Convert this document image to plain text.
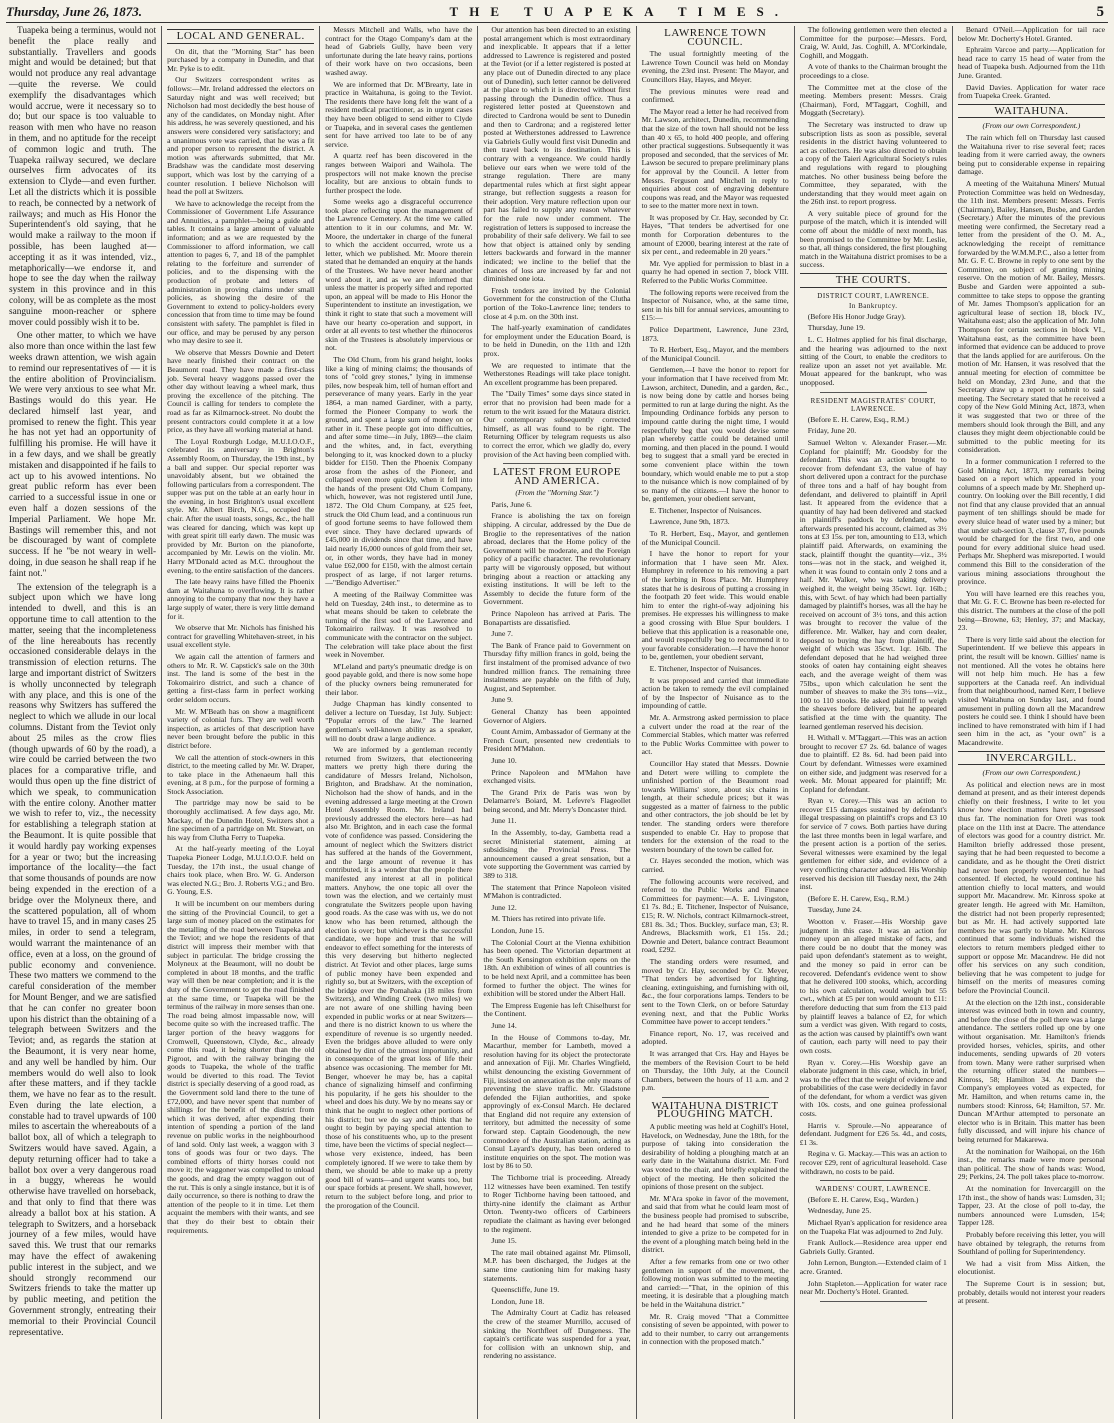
Thursday, June 26, 1873.	THE TUAPEKA TIMES.	5

Tuapeka being a terminus, would not benefit the place really and substantially. Travellers and goods might and would be detained; but that would not produce any real advantage—quite the reverse. We could exemplify the disadvantages which would accrue, were it necessary so to do; but our space is too valuable to reason with men who have no reason in them, and no aptitude for the receipt of common logic and truth. The Tuapeka railway secured, we declare ourselves firm advocates of its extension to Clyde—and even further. Let all the districts which it is possible to reach, be connected by a network of railways; and much as His Honor the Superintendent's old saying, that he would make a railway to the moon if possible, has been laughed at—accepting it as it was intended, viz., metaphorically—we endorse it, and hope to see the day when the railway system in this province and in this colony, will be as complete as the most sanguine moon-reacher or sphere mover could possibly wish it to be.

One other matter, to which we have also more than once within the last few weeks drawn attention, we wish again to remind our representatives of — it is the entire abolition of Provincialism. We were very anxious to see what Mr. Bastings would do this year. He declared himself last year, and promised to renew the fight. This year he has not yet had an opportunity of fulfilling his promise. He will have it in a few days, and we shall be greatly mistaken and disappointed if he fails to act up to his avowed intentions. No great public reform has ever been carried to a successful issue in one or even half a dozen sessions of the Imperial Parliament. We hope Mr. Bastings will remember this, and not be discouraged by want of complete success. If he "be not weary in well-doing, in due season he shall reap if he faint not."

The extension of the telegraph is a subject upon which we have long intended to dwell, and this is an opportune time to call attention to the matter, seeing that the incompleteness of the line hereabouts has recently occasioned considerable delays in the transmission of election returns. The large and important district of Switzers is wholly unconnected by telegraph with any place, and this is one of the reasons why Switzers has suffered the neglect to which we allude in our local columns. Distant from the Teviot only about 25 miles as the crow flies (though upwards of 60 by the road), a wire could be carried between the two places for a comparative trifle, and would thus open up the fine district of which we speak, to communication with the entire colony. Another matter we wish to refer to, viz., the necessity for establishing a telegraph station at the Beaumont. It is quite possible that it would hardly pay working expenses for a year or two; but the increasing importance of the locality—the fact that some thousands of pounds are now being expended in the erection of a bridge over the Molyneux there, and the scattered population, all of whom have to travel 15, and in many cases 25 miles, in order to send a telegram, would warrant the maintenance of an office, even at a loss, on the ground of public economy and convenience. These two matters we commend to the careful consideration of the member for Mount Benger, and we are satisfied that he can confer no greater boon upon his district than the obtaining of a telegraph between Switzers and the Teviot; and, as regards the station at the Beaumont, it is very near home, and any well be handled by him. Our members would do well also to look after these matters, and if they tackle them, we have no fear as to the result. Even during the late election, a constable had to travel upwards of 100 miles to ascertain the whereabouts of a ballot box, all of which a telegraph to Switzers would have saved. Again, a deputy returning officer had to take a ballot box over a very dangerous road in a buggy, whereas he would otherwise have travelled on horseback, and that only to find that there was already a ballot box at his station. A telegraph to Switzers, and a horseback journey of a few miles, would have saved this. We trust that our remarks may have the effect of awakening public interest in the subject, and we should strongly recommend our Switzers friends to take the matter up by public meeting, and petition the Government strongly, entreating their memorial to their Provincial Council representative.

LOCAL AND GENERAL.

On dit, that the "Morning Star" has been purchased by a company in Dunedin, and that Mr. Pyke is to edit.

Our Switzers correspondent writes as follows:—Mr. Ireland addressed the electors on Saturday night and was well received; but Nicholson had most decidedly the best house of any of the candidates, on Monday night. After his address, he was severely questioned, and his answers were considered very satisfactory; and a unanimous vote was carried, that he was a fit and proper person to represent the district. A motion was afterwards submitted, that Mr. Bradshaw was the candidate most deserving support, which was lost by the carrying of a counter resolution. I believe Nicholson will head the poll at Switzers.

We have to acknowledge the receipt from the Commissioner of Government Life Assurance and Annuities, a pamphlet—being a guide and tables. It contains a large amount of valuable information; and as we are requested by the Commissioner to afford information, we call attention to pages 6, 7, and 18 of the pamphlet relating to the forfeiture and surrender of policies, and to the dispensing with the production of probate and letters of administration in proving claims under small policies, as showing the desire of the Government to extend to policy-holders every concession that from time to time may be found consistent with safety. The pamphlet is filed in our office, and may be perused by any person who may desire to see it.

We observe that Messrs Downie and Detert have nearly finished their contract on the Beaumont road. They have made a first-class job. Several heavy waggons passed over the other day without leaving a wheel mark, thus proving the excellence of the pitching. The Council is calling for tenders to complete the road as far as Kilmarnock-street. No doubt the present contractors could complete it at a low price, as they have all working material at hand.

The Loyal Roxburgh Lodge, M.U.I.O.O.F., celebrated its anniversary in Brighton's Assembly Room, on Thursday, the 19th inst., by a ball and supper. Our special reporter was unavoidably absent, but we obtained the following particulars from a correspondent. The supper was put on the table at an early hour in the evening, in host Brighton's usual excellent style. Mr. Albert Birch, N.G., occupied the chair. After the usual toasts, songs, &c., the hall was cleared for dancing, which was kept up with great spirit till early dawn. The music was provided by Mr. Burton on the pianoforte, accompanied by Mr. Lewis on the violin. Mr. Harry M'Donald acted as M.C. throughout the evening, to the entire satisfaction of the dancers.

The late heavy rains have filled the Phoenix dam at Waitahuna to overflowing. It is rather annoying to the company that now they have a large supply of water, there is very little demand for it.

We observe that Mr. Nichols has finished his contract for gravelling Whitehaven-street, in his usual excellent style.

We again call the attention of farmers and others to Mr. R. W. Capstick's sale on the 30th inst. The land is some of the best in the Tokomairiro district, and such a chance of getting a first-class farm in perfect working order seldom occurs.

Mr. W. M'Beath has on show a magnificent variety of colonial furs. They are well worth inspection, as articles of that description have never been brought before the public in this district before.

We call the attention of stock-owners in this district, to the meeting called by Mr. W. Draper, to take place in the Athenaeum hall this evening, at 8 p.m., for the purpose of forming a Stock Association.

The partridge may now be said to be thoroughly acclimatised. A few days ago, Mr. Mackay, of the Dunedin Hotel, Switzers shot a fine specimen of a partridge on Mt. Stewart, on his way from Clutha Ferry to Tuapeka.

At the half-yearly meeting of the Loyal Tuapeka Pioneer Lodge, M.U.I.O.O.F. held on Tuesday, the 17th inst., the usual change of chairs took place, when Bro. W. G. Anderson was elected N.G.; Bro. J. Roberts V.G.; and Bro. G. Young, E.S.

It will be incumbent on our members during the sitting of the Provincial Council, to get a large sum of money placed on the estimates for the metalling of the road between Tuapeka and the Teviot; and we hope the residents of that district will impress their member with that subject in particular. The bridge crossing the Molyneux at the Beaumont, will no doubt be completed in about 18 months, and the traffic way will then be near completion; and it is the duty of the Government to get the road finished at the same time, or Tuapeka will be the terminus of the railway in more senses than one. The road being almost impassable now, will become quite so with the increased traffic. The larger portion of the heavy waggons for Cromwell, Queenstown, Clyde, &c., already come this road, it being shorter than the old Pigroot, and with the railway bringing the goods to Tuapeka, the whole of the traffic would be diverted to this road. The Teviot district is specially deserving of a good road, as the Government sold land there to the tune of £72,000, and have never spent that number of shillings for the benefit of the district from which it was derived, after expending their intention of spending a portion of the land revenue on public works in the neighbourhood of land sold. Only last week, a waggon with 3 tons of goods was four or two days. The combined efforts of thirty horses could not move it; the waggoner was compelled to unload the goods, and drag the empty waggon out of the rut. This is only a single instance, but it is of daily occurrence, so there is nothing to draw the attention of the people to it in time. Let them acquaint the members with their wants, and see that they do their best to obtain their requirements.

Messrs Mitchell and Walls, who have the contract for the Otago Company's dam at the head of Gabriels Gully, have been very unfortunate during the late heavy rains, portions of their work have on two occasions, been washed away.

We are informed that Dr. M'Brearty, late in practice in Waitahuna, is going to the Teviot. The residents there have long felt the want of a resident medical practitioner, as in urgent cases they have been obliged to send either to Clyde or Tuapeka, and in several cases the gentlemen sent for have arrived too late to be of any service.

A quartz reef has been discovered in the ranges between Waipori and Waihola. The prospectors will not make known the precise locality, but are anxious to obtain funds to further prospect the lode.

Some weeks ago a disgraceful occurrence took place reflecting upon the management of the Lawrence Cemetery. At the time we called attention to it in our columns, and Mr. W. Moore, the undertaker in charge of the funeral to which the accident occurred, wrote us a letter, which we published. Mr. Moore therein stated that he demanded an enquiry at the hands of the Trustees. We have never heard another word about it, and as we are informed that unless the matter is properly sifted and reported upon, an appeal will be made to His Honor the Superintendent to institute an investigation, we think it right to state that such a movement will have our hearty co-operation and support, in order at all events to test whether the rhinoceros skin of the Trustees is absolutely impervious or not.

The Old Chum, from his grand height, looks like a king of mining claims; the thousands of tons of "cold grey stones," lying in immense piles, now bespeak him, tell of human effort and perseverance of many years. Early in the year 1864, a man named Gardiner, with a party, formed the Pioneer Company to work the ground, and spent a large sum of money on or rather in it. These people got into difficulties, and after some time—in July, 1869—the claim and the whites, and, in fact, everything belonging to it, was knocked down to a plucky bidder for £150. Then the Phoenix Company arose from the ashes of the Pioneer, and collapsed even more quickly, when it fell into the hands of the present Old Chum Company, which, however, was not registered until June, 1872. The Old Chum Company, at £25 feet, struck the Old Chum lead, and a continuous run of good fortune seems to have followed them ever since. They have declared upwards of £45,000 in dividends since that time, and have laid nearly 16,000 ounces of gold from their set, or, in other words, they have had in money value £62,000 for £150, with the almost certain prospect of as large, if not larger returns.—"Bendigo Advertiser."

A meeting of the Railway Committee was held on Tuesday, 24th inst., to determine as to what means should be taken to celebrate the turning of the first sod of the Lawrence and Tokomairiro railway. It was resolved to communicate with the contractor on the subject. The celebration will take place about the first week in November.

M'Leland and party's pneumatic dredge is on good payable gold, and there is now some hope of the plucky owners being remunerated for their labor.

Judge Chapman has kindly consented to deliver a lecture on Tuesday, 1st July. Subject: "Popular errors of the law." The learned gentleman's well-known ability as a speaker, will no doubt draw a large audience.

We are informed by a gentleman recently returned from Switzers, that electioneering matters we pretty high there during the candidature of Messrs Ireland, Nicholson, Brighton, and Bradshaw. At the nomination, Nicholson had the show of hands, and in the evening addressed a large meeting at the Crown Hotel Assembly Room. Mr. Ireland had previously addressed the electors here—as had also Mr. Brighton, and in each case the formal vote of confidence was passed. Considering the amount of neglect which the Switzers district has suffered at the hands of the Government, and the large amount of revenue it has contributed, it is a wonder that the people there manifested any interest at all in political matters. Anyhow, the one topic all over the town was the election, and we certainly must congratulate the Switzers people upon having good roads. As the case was with us, we do not know who has been returned, although the election is over; but whichever is the successful candidate, we hope and trust that he will endeavor to effect something for the interests of this very deserving but hitherto neglected district. At Teviot and other places, large sums of public money have been expended and rightly so, but at Switzers, with the exception of the bridge over the Pomahaka (18 miles from Switzers), and Winding Creek (two miles) we are not aware of one shilling having been expended in public works or at near Switzers—and there is no district known to us where the expenditure of revenue is so urgently needed. Even the bridges above alluded to were only obtained by dint of the utmost importunity, and in consequence of the great loss of life their absence was occasioning. The member for Mt. Benger, whoever he may be, has a capital chance of signalizing himself and confirming his popularity, if he gets his shoulder to the wheel and does his duty. We by no means say or think that he ought to neglect other portions of his district; but we do say and think that he ought to begin by paying special attention to those of his constituents who, up to the present time, have been the victims of special neglect—whose very existence, indeed, has been completely ignored. If we were to take them by them, we should be able to make up a pretty good bill of wants—and urgent wants too, but our space forbids at present. We shall, however, return to the subject before long, and prior to the prorogation of the Council.

Our attention has been directed to an existing postal arrangement which is most extraordinary and inexplicable. It appears that if a letter addressed to Lawrence is registered and posted at the Teviot (or if a letter registered is posted at any place out of Dunedin directed to any place out of Dunedin), such letter cannot be delivered at the place to which it is directed without first passing through the Dunedin office. Thus a registered letter posted at Queenstown and directed to Cardrona would be sent to Dunedin and then to Cardrona; and a registered letter posted at Wetherstones addressed to Lawrence via Gabriels Gully would first visit Dunedin and then travel back to its destination. This is contrary with a vengeance. We could hardly believe our ears when we were told of the strange regulation. There are many departmental rules which at first sight appear strange, but reflection suggests a reason for their adoption. Very mature reflection upon our part has failed to supply any reason whatever for the rule now under comment. The registration of letters is supposed to increase the probability of their safe delivery. We fail to see how that object is attained only by sending letters backwards and forward in the manner indicated; we incline to the belief that the chances of loss are increased by far and not diminished one iota.

Fresh tenders are invited by the Colonial Government for the construction of the Clutha portion of the Toko-Lawrence line; tenders to close at 4 p.m. on the 30th inst.

The half-yearly examination of candidates for employment under the Education Board, is to be held in Dunedin, on the 11th and 12th prox.

We are requested to intimate that the Wetherstones Readings will take place tonight. An excellent programme has been prepared.

The "Daily Times" some days since stated in error that no provision had been made for a return to the writ issued for the Mataura district. Our contemporary subsequently corrected himself, as all was found to be right. The Returning Officer by telegram requests us also to correct the error, which we gladly do, every provision of the Act having been complied with.

LATEST FROM EUROPE AND AMERICA.
(From the "Morning Star.")

Paris, June 6.

France is abolishing the tax on foreign shipping. A circular, addressed by the Due de Broglie to the representatives of the nation abroad, declares that the Home policy of the Government will be moderate, and the Foreign policy of a pacific character. The revolutionary party will be vigorously opposed, but without bringing about a reaction or attacking any existing institutions. It will be left to the Assembly to decide the future form of the Government.

Prince Napoleon has arrived at Paris. The Bonapartists are dissatisfied.

June 7.

The Bank of France paid to Government on Thursday fifty million francs in gold, being the first instalment of the promised advance of two hundred million francs. The remaining three instalments are payable on the fifth of July, August, and September.

June 9.

General Chanzy has been appointed Governor of Algiers.

Count Arnim, Ambassador of Germany at the French Court, presented new credentials to President M'Mahon.

June 10.

Prince Napoleon and M'Mahon have exchanged visits.

The Grand Prix de Paris was won by Delamarre's Boiard, M. Lefevre's Flageollet being second, and Mr. Merry's Doncaster third.

June 11.

In the Assembly, to-day, Gambetta read a secret Ministerial statement, aiming at subsidising the Provincial Press. The announcement caused a great sensation, but a vote supporting the Government was carried by 389 to 318.

The statement that Prince Napoleon visited M'Mahon is contradicted.

June 12.

M. Thiers has retired into private life.

London, June 15.

The Colonial Court at the Vienna exhibition has been opened. The Victorian department at the South Kensington exhibition opens on the 18th. An exhibition of wines of all countries is to be held next April, and a committee has been formed to further the object. The wines for exhibition will be stored under the Albert Hall.

The Empress Eugenie has left Chiselhurst for the Continent.

June 14.

In the House of Commons to-day, Mr. Macarthur, member for Lambeth, moved a resolution having for its object the protectorate and annexation of Fiji. Mr. Charles Wingfield, whilst denouncing the existing Government of Fiji, insisted on annexation as the only means of preventing the slave traffic. Mr. Gladstone defended the Fijian authorities, and spoke approvingly of ex-Consul March. He declared that England did not require any extension of territory, but admitted the necessity of some forward step. Captain Goodenough, the new commodore of the Australian station, acting as Consul Layard's deputy, has been ordered to institute enquiries on the spot. The motion was lost by 86 to 50.

The Tichborne trial is proceeding. Already 112 witnesses have been examined. Ten testify to Roger Tichborne having been tattooed, and thirty-nine identify the claimant as Arthur Orton. Twenty-two officers of Carbineers repudiate the claimant as having ever belonged to the regiment.

June 15.

The rate mail obtained against Mr. Plimsoll, M.P. has been discharged, the Judges at the same time cautioning him for making hasty statements.

Queenscliffe, June 19.

London, June 18.

The Admiralty Court at Cadiz has released the crew of the steamer Murrillo, accused of sinking the Northfleet off Dungeness. The captain's certificate was suspended for a year, for collision with an unknown ship, and rendering no assistance.

LAWRENCE TOWN COUNCIL.

The usual fortnightly meeting of the Lawrence Town Council was held on Monday evening, the 23rd inst. Present: The Mayor, and Councillors Hay, Hayes, and Meyer.

The previous minutes were read and confirmed.

The Mayor read a letter he had received from Mr. Lawson, architect, Dunedin, recommending that the size of the town hall should not be less than 40 x 65, to hold 400 people, and offering other practical suggestions. Subsequently it was proposed and seconded, that the services of Mr. Lawson be secured to prepare preliminary plans for approval by the Council. A letter from Messrs. Ferguson and Mitchell in reply to enquiries about cost of engraving debenture coupons was read, and the Mayor was requested to see to the matter more next in town.

It was proposed by Cr. Hay, seconded by Cr. Hayes, "That tenders be advertised for one month for Corporation debentures to the amount of £2000, bearing interest at the rate of six per cent., and redeemable in 20 years."

Mr. Vye applied for permission to blast in a quarry he had opened in section 7, block VIII. Referred to the Public Works Committee.

The following reports were received from the Inspector of Nuisance, who, at the same time, sent in his bill for annual services, amounting to £15:—

Police Department, Lawrence, June 23rd, 1873.

To R. Herbert, Esq., Mayor, and the members of the Municipal Council.

Gentlemen,—I have the honor to report for your information that I have received from Mr. Lawson, architect, Dunedin, and a garden, &c., is now being done by cattle and horses being permitted to run at large during the night. As the Impounding Ordinance forbids any person to impound cattle during the night time, I would respectfully beg that you would devise some plan whereby cattle could be detained until morning, and then placed in the pound. I would beg to suggest that a small yard be erected in some convenient place within the town boundary, which would enable me to put a stop to the nuisance which is now complained of by so many of the citizens.—I have the honor to be, gentlemen, your obedient servant,

E. Titchener, Inspector of Nuisances.

Lawrence, June 9th, 1873.

To R. Herbert, Esq., Mayor, and gentlemen of the Municipal Council.

I have the honor to report for your information that I have seen Mr. Alex. Humphrey in reference to his removing a part of the kerbing in Ross Place. Mr. Humphrey states that he is desirous of putting a crossing in the footpath 20 feet wide. This would enable him to enter the right-of-way adjoining his premises. He expresses his willingness to make a good crossing with Blue Spur boulders. I believe that this application is a reasonable one, and would respectfully beg to recommend it to your favorable consideration.—I have the honor to be, gentlemen, your obedient servant,

E. Titchener, Inspector of Nuisances.

It was proposed and carried that immediate action be taken to remedy the evil complained of by the Inspector of Nuisance as to the impounding of cattle.

Mr. A. Armstrong asked permission to place a culvert under the road at the rear of the Commercial Stables, which matter was referred to the Public Works Committee with power to act.

Councillor Hay stated that Messrs. Downie and Detert were willing to complete the unfinished portion of the Beaumont road towards Williams' store, about six chains in length, at their schedule prices; but it was suggested as a matter of fairness to the public and other contractors, the job should be let by tender. The standing orders were therefore suspended to enable Cr. Hay to propose that tenders for the extension of the road to the western boundary of the town be called for.

Cr. Hayes seconded the motion, which was carried.

The following accounts were received, and referred to the Public Works and Finance Committees for payment:—A. E. Livingston, £1 7s. 8d.; E. Titchener, Inspector of Nuisance, £15; R. W. Nichols, contract Kilmarnock-street, £81 8s. 3d.; Thos. Buckley, surface man, £3; R. Andrews, Blacksmith work, £1 15s. 2d.; Downie and Detert, balance contract Beaumont road, £292.

The standing orders were resumed, and moved by Cr. Hay, seconded by Cr. Meyer, "That tenders be advertised for lighting, cleaning, extinguishing, and furnishing with oil, &c., the four corporations lamps. Tenders to be sent to the Town Clerk, on or before Saturday evening next, and that the Public Works Committee have power to accept tenders."

Finance report, No. 17, was received and adopted.

It was arranged that Crs. Hay and Hayes be the members of the Revision Court to be held on Thursday, the 10th July, at the Council Chambers, between the hours of 11 a.m. and 2 p.m.

WAITAHUNA DISTRICT PLOUGHING MATCH.

A public meeting was held at Coghill's Hotel, Havelock, on Wednesday, June the 18th, for the purpose of taking into consideration the desirability of holding a ploughing match at an early date in the Waitahuna district. Mr. Ford was voted to the chair, and briefly explained the object of the meeting. He then solicited the opinions of those present on the subject.

Mr. M'Ara spoke in favor of the movement, and said that from what he could learn most of the business people had promised to subscribe, and he had heard that some of the miners intended to give a prize to be competed for in the event of a ploughing match being held in the district.

After a few remarks from one or two other gentlemen in support of the movement, the following motion was submitted to the meeting and carried:—"That, in the opinion of this meeting, it is desirable that a ploughing match be held in the Waitahuna district."

Mr. R. Craig moved "That a Committee consisting of seven be appointed, with power to add to their number, to carry out arrangements in connection with the proposed match."

The following gentlemen were then elected a Committee for the purpose:—Messrs. Ford, Craig, W. Auld, Jas. Coghill, A. M'Corkindale, Coghill, and Moggath.

A vote of thanks to the Chairman brought the proceedings to a close.

The Committee met at the close of the meeting. Members present: Messrs. Craig (Chairman), Ford, M'Taggart, Coghill, and Moggath (Secretary).

The Secretary was instructed to draw up subscription lists as soon as possible, several residents in the district having volunteered to act as collectors. He was also directed to obtain a copy of the Taieri Agricultural Society's rules and regulations with regard to ploughing matches. No other business being before the Committee, they separated, with the understanding that they would meet again on the 26th inst. to report progress.

A very suitable piece of ground for the purpose of the match, which it is intended will come off about the middle of next month, has been promised to the Committee by Mr. Leslie, so that, all things considered, the first ploughing match in the Waitahuna district promises to be a success.

THE COURTS.
DISTRICT COURT, LAWRENCE.
In Bankruptcy.

(Before His Honor Judge Gray).

Thursday, June 19.

L. C. Holmes applied for his final discharge, and the hearing was adjourned to the next sitting of the Court, to enable the creditors to realize upon an asset not yet available. Mr. Mouat appeared for the bankrupt, who was unopposed.

RESIDENT MAGISTRATES' COURT, LAWRENCE.

(Before E. H. Carew, Esq., R.M.)

Friday, June 20.

Samuel Welton v. Alexander Fraser.—Mr. Copland for plaintiff; Mr. Goodsby for the defendant. This was an action brought to recover from defendant £3, the value of hay short delivered upon a contract for the purchase of three tons and a half of hay bought from defendant, and delivered to plaintiff in April last. It appeared from the evidence that a quantity of hay had been delivered and stacked in plaintiff's paddock by defendant, who afterwards presented his account, claimed as 3½ tons at £3 15s. per ton, amounting to £13, which plaintiff paid. Afterwards, on examining the stack, plaintiff thought the quantity—viz., 3½ tons—was not in the stack, and weighed it, when it was found to contain only 2 tons and a half. Mr. Walker, who was taking delivery weighed it, the weight being 35cwt. 1qr. 16lb.; this, with 5cwt. of hay which had been partially damaged by plaintiff's horses, was all the hay he received on account of 3½ tons, and this action was brought to recover the value of the difference. Mr. Walker, hay and corn dealer, deposed to buying the hay from plaintiff, the weight of which was 35cwt. 1qr. 16lb. The defendant deposed that he had weighed three stooks of oaten hay containing eight sheaves each, and the average weight of them was 75lbs., upon which calculation he sent the number of sheaves to make the 3½ tons—viz., 100 to 110 stooks. He asked plaintiff to weigh the sheaves before delivery, but he appeared satisfied at the time with the quantity. The learned gentleman reserved his decision.

H. Withall v. M'Taggart.—This was an action brought to recover £7 2s. 6d. balance of wages due to plaintiff. £2 8s. 6d. had been paid into Court by defendant. Witnesses were examined on either side, and judgment was reserved for a week. Mr. Mouat appeared for plaintiff; Mr. Copland for defendant.

Ryan v. Corey.—This was an action to recover £15 damages sustained by defendant's illegal trespassing on plaintiff's crops and £3 10 for service of 7 cows. Both parties have during the last three months been in legal warfare, and the present action is a portion of the series. Several witnesses were examined by the legal gentlemen for either side, and evidence of a very conflicting character adduced. His Worship reserved his decision till Tuesday next, the 24th inst.

(Before E. H. Carew, Esq., R.M.)

Tuesday, June 24.

Wootton v. Fraser.—His Worship gave judgment in this case. It was an action for money upon an alleged mistake of facts, and there could be no doubt that the money was paid upon defendant's statement as to weight, and the money so paid in error can be recovered. Defendant's evidence went to show that he delivered 100 stooks, which, according to his own calculation, would weigh but 55 cwt., which at £5 per ton would amount to £11: therefore deducting that sum from the £13 paid by plaintiff leaves a balance of £2, for which sum a verdict was given. With regard to costs, as the action was caused by plaintiff's own want of caution, each party will need to pay their own costs.

Ryan v. Corey.—His Worship gave an elaborate judgment in this case, which, in brief, was to the effect that the weight of evidence and probabilities of the case were decidedly in favor of the defendant, for whom a verdict was given with 10s. costs, and one guinea professional costs.

Harris v. Sproule.—No appearance of defendant. Judgment for £26 5s. 4d., and costs, £1 3s.

Regina v. G. Mackay.—This was an action to recover £29, rent of agricultural leasehold. Case withdrawn, no costs to be paid.

WARDENS' COURT, LAWRENCE.

(Before E. H. Carew, Esq., Warden.)

Wednesday, June 25.

Michael Ryan's application for residence area on the Tuapeka Flat was adjourned to 2nd July.

Frank Aullock.—Residence area upper end Gabriels Gully. Granted.

John Lernon, Bungton.—Extended claim of 1 acre. Granted.

John Stapleton.—Application for water race near Mr. Docherty's Hotel. Granted.

Benard O'Neil.—Application for tail race below Mr. Docherty's Hotel. Granted.

Ephraim Varcoe and party.—Application for head race to carry 15 head of water from the head of Tuapeka bush. Adjourned from the 11th June. Granted.

David Davies. Application for water race from Tuapeka Creek. Granted.

WAITAHUNA.
(From our own Correspondent.)

The rain which fell on Thursday last caused the Waitahuna river to rise several feet; races leading from it were carried away, the owners being put to considerable expense in repairing damage.

A meeting of the Waitahuna Miners' Mutual Protection Committee was held on Wednesday, the 11th inst. Members present: Messrs. Ferris (Chairman), Bailey, Hansen, Busbe, and Garden (Secretary.) After the minutes of the previous meeting were confirmed, the Secretary read a letter from the president of the O. M. A., acknowledging the receipt of remittance forwarded by the W.M.M.P.C., also a letter from Mr. G. F. C. Browne in reply to one sent by the Committee, on subject of granting mining reserve. On the motion of Mr. Bailey, Messrs. Busbe and Garden were appointed a sub-committee to take steps to oppose the granting of Mr. James Thompson's application for an agricultural lease of section 18, block IV., Waitahuna east; also the application of Mr. John Thompson for certain sections in block VI., Waitahuna east, as the committee have been informed that evidence can be adduced to prove that the lands applied for are auriferous. On the motion of Mr. Hansen, it was resolved that the annual meeting for election of committee be held on Monday, 23rd June, and that the Secretary draw up a report to submit to said meeting. The Secretary stated that he received a copy of the New Gold Mining Act, 1873, when it was suggested that two or three of the members should look through the Bill, and any clauses they might deem objectionable could be submitted to the public meeting for its consideration.

In a former communication I referred to the Gold Mining Act, 1873, my remarks being based on a report which appeared in your columns of a speech made by Mr. Shepherd up-country. On looking over the Bill recently, I did not find that any clause provided that an annual payment of ten shillings should be made for every sluice head of water used by a miner; but that under sub-section 3, clause 37, five pounds would be charged for the first two, and one pound for every additional sluice head used. Perhaps Mr. Shepherd was misreported. I would commend this Bill to the consideration of the various mining associations throughout the province.

You will have learned ere this reaches you, that Mr. G. F. C. Browne has been re-elected for this district. The numbers at the close of the poll being—Browne, 63; Henley, 37; and Mackay, 23.

There is very little said about the election for Superintendent. If we believe this appears in print, the result will be known. Gillies' name is not mentioned. All the votes he obtains here will not help him much. He has a few supporters at the Canada reef. An individual from that neighbourhood, named Kerr, I believe visited Waitahuna on Sunday last, and found amusement in pulling down all the Macandrew posters he could see. I think I should have been inclined to have remonstrated with him if I had seen him in the act, as "your own" is a Macandrewite.

INVERCARGILL.
(From our own Correspondent.)

As political and election news are in most demand at present, and as their interest depends chiefly on their freshness, I write to let you know how election matters have progressed thus far. The nomination for Oreti was took place on the 11th inst at Dacre. The attendance of electors was good for a country district. Mr. Hamilton briefly addressed those present, saying that he had been requested to become a candidate, and as he thought the Oreti district had never been properly represented, he had consented. If elected, he would continue his attention chiefly to local matters, and would support Mr. Macandrew. Mr. Kinross spoke at greater length. He agreed with Mr. Hamilton, the district had not been properly represented; but as Mr. H. had actively supported late members he was partly to blame. Mr. Kinross continued that some individuals wished the electors to return members pledged either to support or oppose Mr. Macandrew. He did not offer his services on any such condition, believing that he was competent to judge for himself on the merits of measures coming before the Provincial Council.

At the election on the 12th inst., considerable interest was evinced both in town and country, and before the close of the poll there was a large attendance. The settlers rolled up one by one without organisation. Mr. Hamilton's friends provided horses, vehicles, spirits, and other inducements, sending upwards of 20 voters from town. Many were rather surprised when the returning officer stated the numbers—Kinross, 58; Hamilton 34. At Dacre the Company's employees voted as expected, for Mr. Hamilton, and when returns came in, the numbers stood: Kinross, 64; Hamilton, 57. Mr. Duncan M'Arthur attempted to personate an elector who is in Britain. This matter has been fully discussed, and will injure his chance of being returned for Makarewa.

At the nomination for Waihopai, on the 16th inst., the remarks made were more personal than political. The show of hands was: Wood, 29; Perkins, 24. The poll takes place to-morrow.

At the nomination for Invercargill on the 17th inst., the show of hands was: Lumsden, 31; Tapper, 23. At the close of poll to-day, the numbers announced were Lumsden, 154; Tapper 128.

Probably before receiving this letter, you will have obtained by telegraph, the returns from Southland of polling for Superintendency.

We had a visit from Miss Aitken, the elocutionist.

The Supreme Court is in session; but, probably, details would not interest your readers at present.
